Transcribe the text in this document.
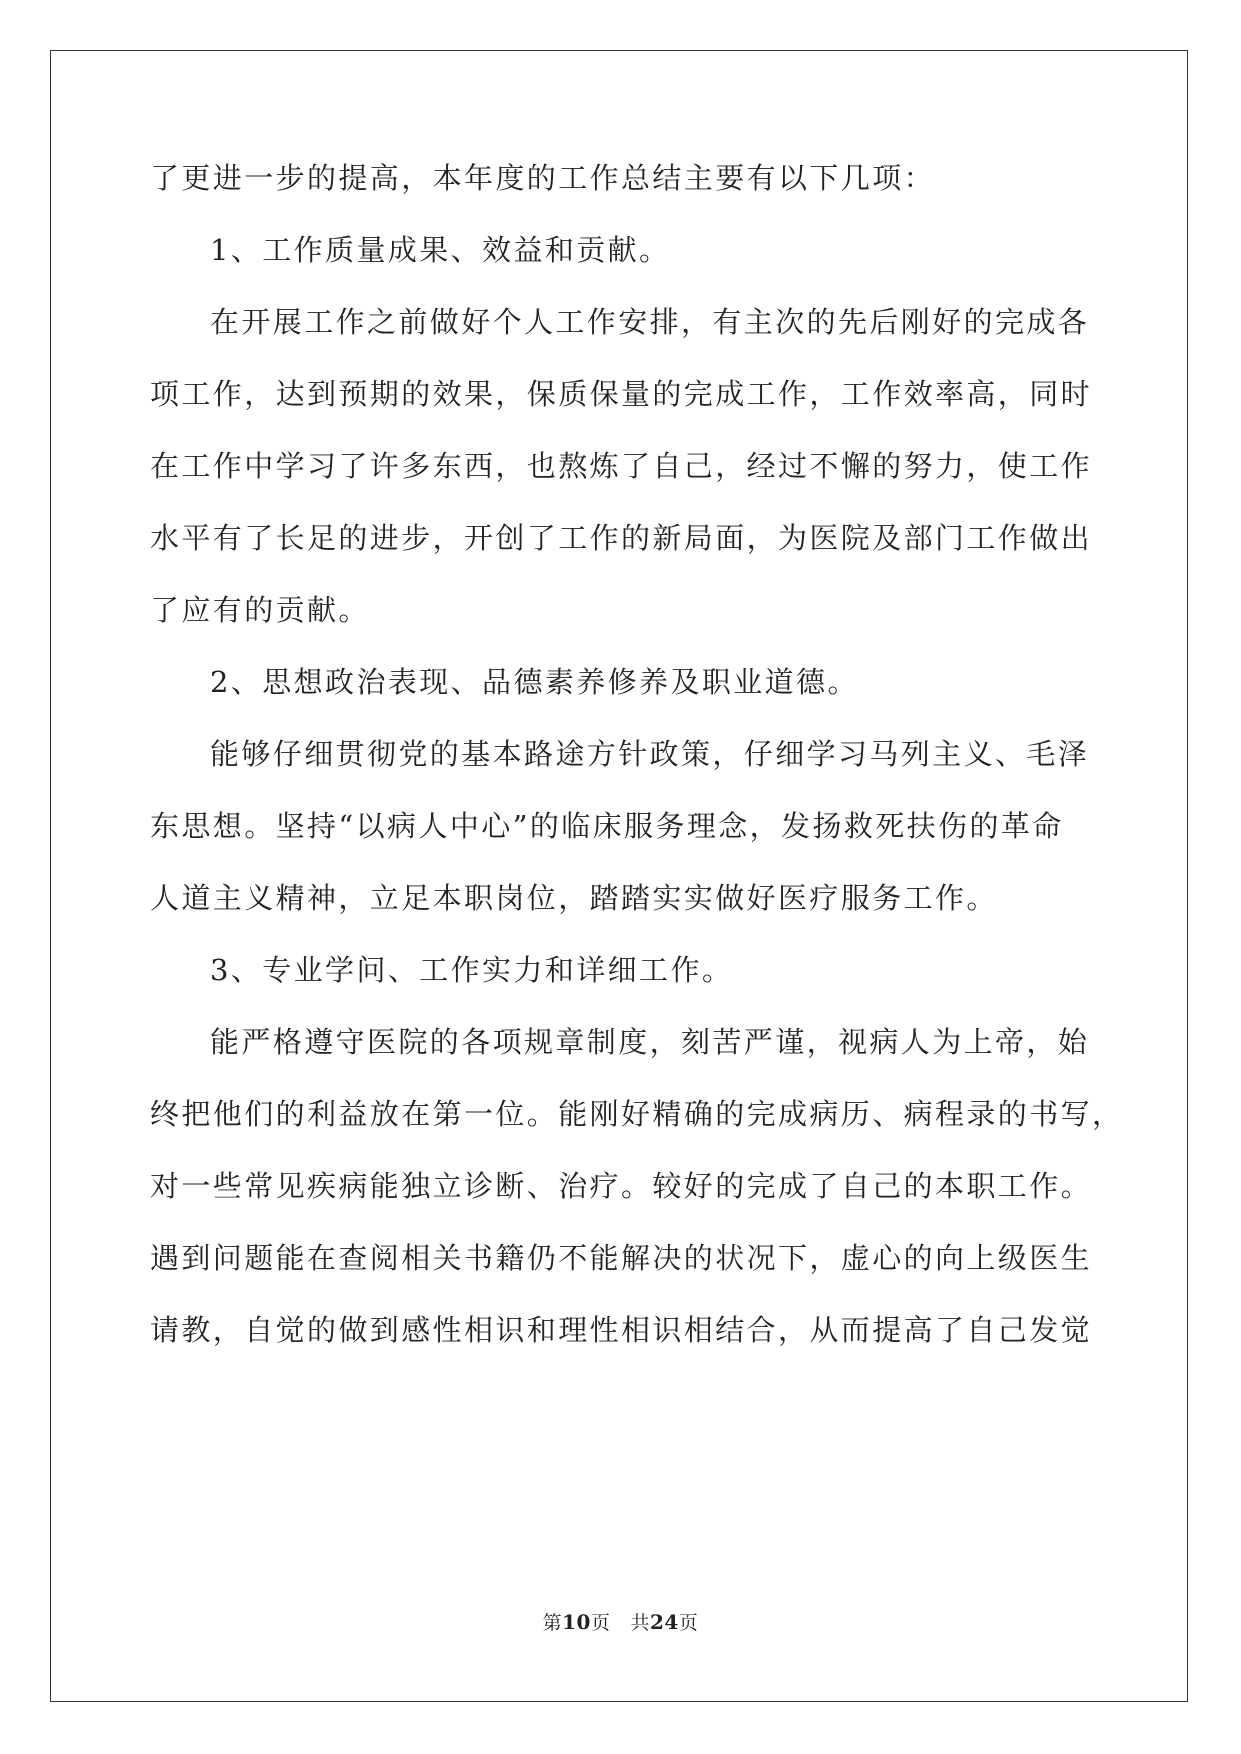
了更进一步的提高，本年度的工作总结主要有以下几项：

1、工作质量成果、效益和贡献。

在开展工作之前做好个人工作安排，有主次的先后刚好的完成各

项工作，达到预期的效果，保质保量的完成工作，工作效率高，同时

在工作中学习了许多东西，也熬炼了自己，经过不懈的努力，使工作

水平有了长足的进步，开创了工作的新局面，为医院及部门工作做出

了应有的贡献。

2、思想政治表现、品德素养修养及职业道德。

能够仔细贯彻党的基本路途方针政策，仔细学习马列主义、毛泽

东思想。坚持“以病人中心”的临床服务理念，发扬救死扶伤的革命

人道主义精神，立足本职岗位，踏踏实实做好医疗服务工作。

3、专业学问、工作实力和详细工作。

能严格遵守医院的各项规章制度，刻苦严谨，视病人为上帝，始

终把他们的利益放在第一位。能刚好精确的完成病历、病程录的书写，

对一些常见疾病能独立诊断、治疗。较好的完成了自己的本职工作。

遇到问题能在查阅相关书籍仍不能解决的状况下，虚心的向上级医生

请教，自觉的做到感性相识和理性相识相结合，从而提高了自己发觉

第10页 共24页
